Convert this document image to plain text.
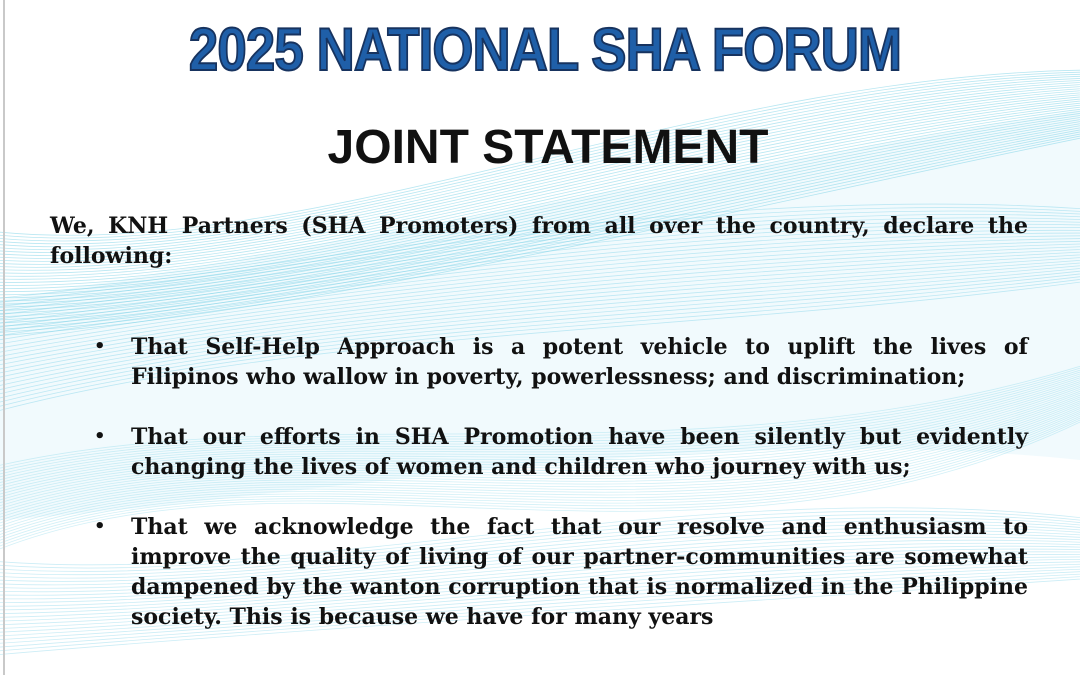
2025 NATIONAL SHA FORUM
JOINT STATEMENT
We, KNH Partners (SHA Promoters) from all over the country, declare the following:
• That Self-Help Approach is a potent vehicle to uplift the lives of Filipinos who wallow in poverty, powerlessness; and discrimination;
• That our efforts in SHA Promotion have been silently but evidently changing the lives of women and children who journey with us;
• That we acknowledge the fact that our resolve and enthusiasm to improve the quality of living of our partner-communities are somewhat dampened by the wanton corruption that is normalized in the Philippine society. This is because we have for many years
